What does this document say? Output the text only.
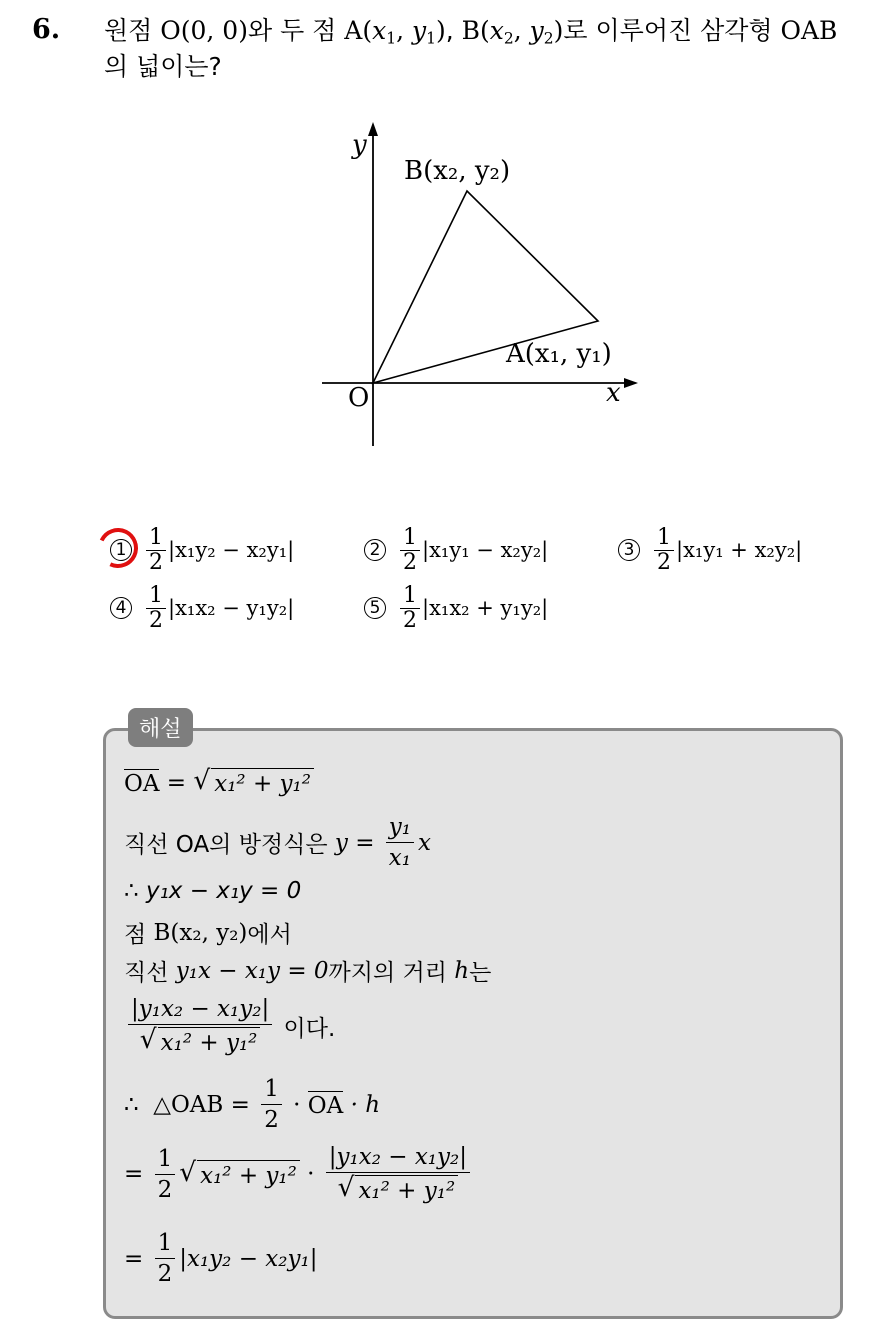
6. 원점 O(0, 0)와 두 점 $A(x_1$, $y_1$), $B(x_2$, $y_2$)로 이루어진 삼각형 OAB
의 넓이는?
y
x
O
A(x₁, y₁)
B(x₂, y₂)
$1 \frac{1}{2} |x_1y_2 - x_2y_1|$	$2 \frac{1}{2} |x_1y_1 - x_2y_2|$	$3 \frac{1}{2} |x_1y_1 + x_2y_2|$
$4 \frac{1}{2} |x_1x_2 - y_1y_2|$	$5 \frac{1}{2} |x_1x_2 + y_1y_2|$
해설
OA = √ x₁² + y₁²
직선 OA의 방정식은 $y = \frac{\text{y₁}}{\text{x₁}}$ x
∴ y₁x − x₁y = 0
점 B(x₂, y₂) 에서
직선 y₁x − x₁y = 0 까지의 거리 h 는
$\frac{\text{|y₁x₂ − x₁y₂|}}{\text{√ x₁² + y₁²}}$ 이다.
∴  △OAB = $\frac{1}{2}$ · OA · h
= $\frac{1}{2}$ √ $x_1^2 + y_1^2 \cdot \frac{\text{|y₁x₂ − x₁y₂|}}{\text{√ x₁² + y₁²}}$
= $\frac{1}{2} |x_1y_2 - x_2y_1|$
